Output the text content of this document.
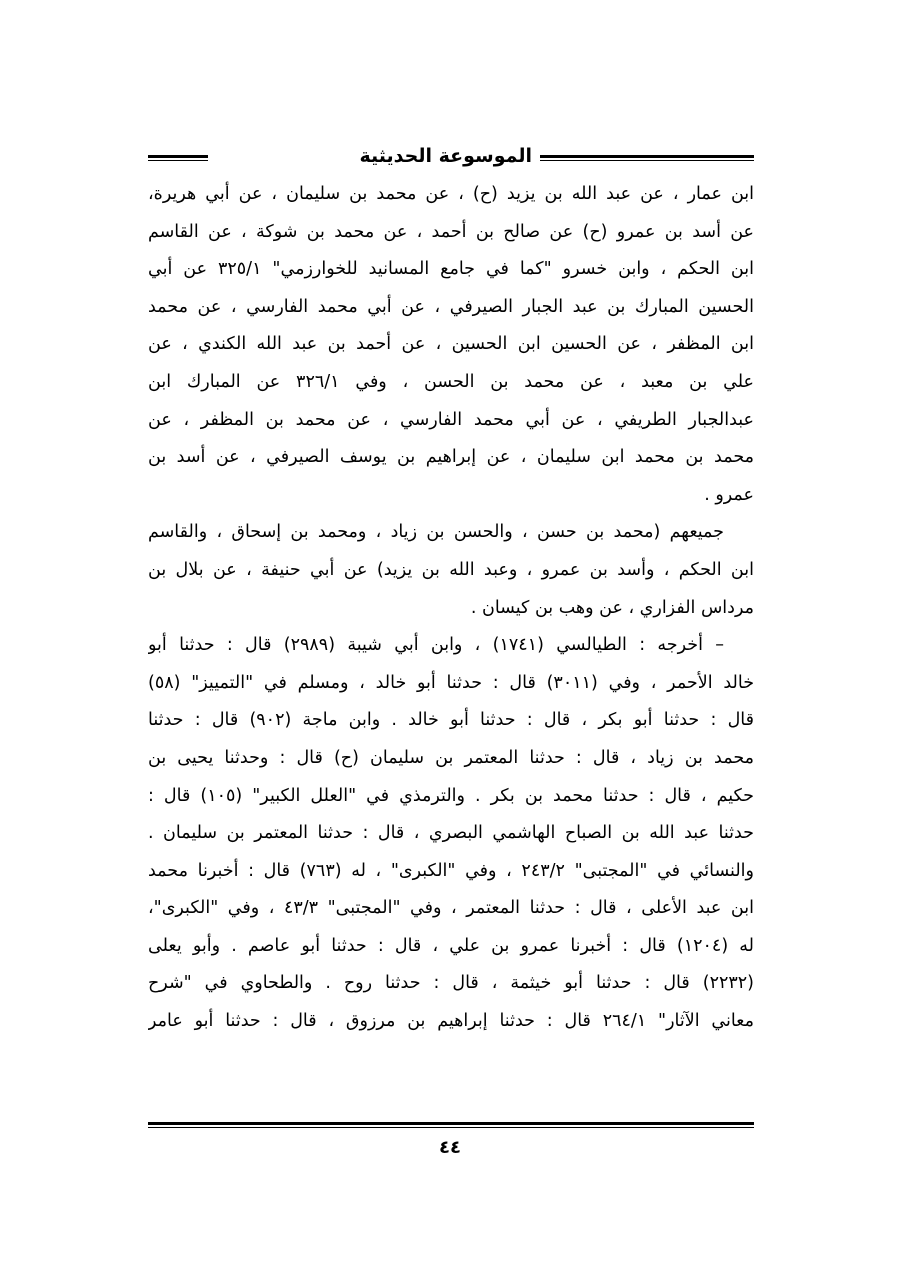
الموسوعة الحديثية
ابن عمار ، عن عبد الله بن يزيد (ح) ، عن محمد بن سليمان ، عن أبي هريرة،
عن أسد بن عمرو (ح) عن صالح بن أحمد ، عن محمد بن شوكة ، عن القاسم
ابن الحكم ، وابن خسرو "كما في جامع المسانيد للخوارزمي" ٣٢٥/١ عن أبي
الحسين المبارك بن عبد الجبار الصيرفي ، عن أبي محمد الفارسي ، عن محمد
ابن المظفر ، عن الحسين ابن الحسين ، عن أحمد بن عبد الله الكندي ، عن
علي بن معبد ، عن محمد بن الحسن ، وفي ٣٢٦/١ عن المبارك ابن
عبدالجبار الطريفي ، عن أبي محمد الفارسي ، عن محمد بن المظفر ، عن
محمد بن محمد ابن سليمان ، عن إبراهيم بن يوسف الصيرفي ، عن أسد بن
عمرو .
جميعهم (محمد بن حسن ، والحسن بن زياد ، ومحمد بن إسحاق ، والقاسم
ابن الحكم ، وأسد بن عمرو ، وعبد الله بن يزيد) عن أبي حنيفة ، عن بلال بن
مرداس الفزاري ، عن وهب بن كيسان .
– أخرجه : الطيالسي (١٧٤١) ، وابن أبي شيبة (٢٩٨٩) قال : حدثنا أبو
خالد الأحمر ، وفي (٣٠١١) قال : حدثنا أبو خالد ، ومسلم في "التمييز" (٥٨)
قال : حدثنا أبو بكر ، قال : حدثنا أبو خالد . وابن ماجة (٩٠٢) قال : حدثنا
محمد بن زياد ، قال : حدثنا المعتمر بن سليمان (ح) قال : وحدثنا يحيى بن
حكيم ، قال : حدثنا محمد بن بكر . والترمذي في "العلل الكبير" (١٠٥) قال :
حدثنا عبد الله بن الصباح الهاشمي البصري ، قال : حدثنا المعتمر بن سليمان .
والنسائي في "المجتبى" ٢٤٣/٢ ، وفي "الكبرى" ، له (٧٦٣) قال : أخبرنا محمد
ابن عبد الأعلى ، قال : حدثنا المعتمر ، وفي "المجتبى" ٤٣/٣ ، وفي "الكبرى"،
له (١٢٠٤) قال : أخبرنا عمرو بن علي ، قال : حدثنا أبو عاصم . وأبو يعلى
(٢٢٣٢) قال : حدثنا أبو خيثمة ، قال : حدثنا روح . والطحاوي في "شرح
معاني الآثار" ٢٦٤/١ قال : حدثنا إبراهيم بن مرزوق ، قال : حدثنا أبو عامر
٤٤
